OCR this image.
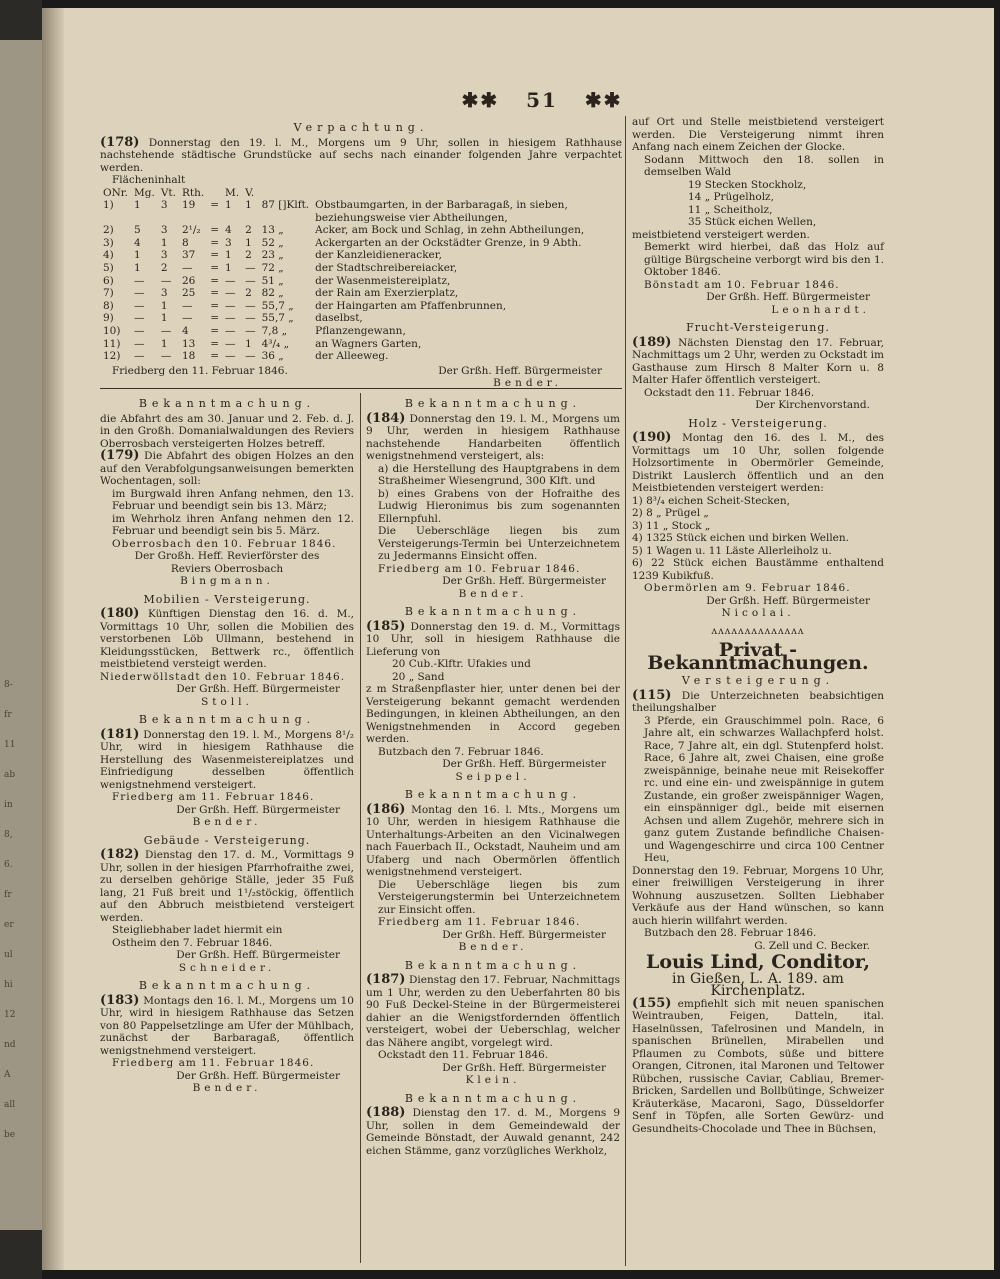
8-
fr
11
ab
in
8,
6.
fr
er
ul
hi
12
nd
A
all
be
✱✱ 51 ✱✱
Verpachtung.

(178) Donnerstag den 19. l. M., Morgens um 9 Uhr, sollen in hiesigem Rathhause nachstehende städtische Grundstücke auf sechs nach einander folgenden Jahre verpachtet werden.

Flächeninhalt
ONr.	Mg.	Vt.	Rth.		M.	V.		
1)	1	3	19	=	1	1	87 []Klft.	Obstbaumgarten, in der Barbaragaß, in sieben, beziehungsweise vier Abtheilungen,
2)	5	3	2¹/₂	=	4	2	13 „	Acker, am Bock und Schlag, in zehn Abtheilungen,
3)	4	1	8	=	3	1	52 „	Ackergarten an der Ockstädter Grenze, in 9 Abth.
4)	1	3	37	=	1	2	23 „	der Kanzleidieneracker,
5)	1	2	—	=	1	—	72 „	der Stadtschreibereiacker,
6)	—	—	26	=	—	—	51 „	der Wasenmeistereiplatz,
7)	—	3	25	=	—	2	82 „	der Rain am Exerzierplatz,
8)	—	1	—	=	—	—	55,7 „	der Haingarten am Pfaffenbrunnen,
9)	—	1	—	=	—	—	55,7 „	daselbst,
10)	—	—	4	=	—	—	7,8 „	Pflanzengewann,
11)	—	1	13	=	—	1	4³/₄ „	an Wagners Garten,
12)	—	—	18	=	—	—	36 „	der Alleeweg.
Friedberg den 11. Februar 1846.	Der Grßh. Heff. Bürgermeister
Bender.
Bekanntmachung.

die Abfahrt des am 30. Januar und 2. Feb. d. J. in den Großh. Domanialwaldungen des Reviers Oberrosbach versteigerten Holzes betreff.

(179) Die Abfahrt des obigen Holzes an den auf den Verabfolgungsanweisungen bemerkten Wochentagen, soll:

im Burgwald ihren Anfang nehmen, den 13. Februar und beendigt sein bis 13. März;

im Wehrholz ihren Anfang nehmen den 12. Februar und beendigt sein bis 5. März.

Oberrosbach den 10. Februar 1846.

Der Großh. Heff. Revierförster des

Reviers Oberrosbach

Bingmann.

Mobilien - Versteigerung.

(180) Künftigen Dienstag den 16. d. M., Vormittags 10 Uhr, sollen die Mobilien des verstorbenen Löb Ullmann, bestehend in Kleidungsstücken, Bettwerk rc., öffentlich meistbietend versteigt werden.

Niederwöllstadt den 10. Februar 1846.

Der Grßh. Heff. Bürgermeister

Stoll.

Bekanntmachung.

(181) Donnerstag den 19. l. M., Morgens 8¹/₂ Uhr, wird in hiesigem Rathhause die Herstellung des Wasenmeistereiplatzes und Einfriedigung desselben öffentlich wenigstnehmend versteigert.

Friedberg am 11. Februar 1846.

Der Grßh. Heff. Bürgermeister

Bender.

Gebäude - Versteigerung.

(182) Dienstag den 17. d. M., Vormittags 9 Uhr, sollen in der hiesigen Pfarrhofraithe zwei, zu derselben gehörige Ställe, jeder 35 Fuß lang, 21 Fuß breit und 1¹/₂stöckig, öffentlich auf den Abbruch meistbietend versteigert werden.

Steigliebhaber ladet hiermit ein

Ostheim den 7. Februar 1846.

Der Grßh. Heff. Bürgermeister

Schneider.

Bekanntmachung.

(183) Montags den 16. l. M., Morgens um 10 Uhr, wird in hiesigem Rathhause das Setzen von 80 Pappelsetzlinge am Ufer der Mühlbach, zunächst der Barbaragaß, öffentlich wenigstnehmend versteigert.

Friedberg am 11. Februar 1846.

Der Grßh. Heff. Bürgermeister

Bender.

Bekanntmachung.

(184) Donnerstag den 19. l. M., Morgens um 9 Uhr, werden in hiesigem Rathhause nachstehende Handarbeiten öffentlich wenigstnehmend versteigert, als:

a) die Herstellung des Hauptgrabens in dem Straßheimer Wiesengrund, 300 Klft. und

b) eines Grabens von der Hofraithe des Ludwig Hieronimus bis zum sogenannten Ellernpfuhl.

Die Ueberschläge liegen bis zum Versteigerungs-Termin bei Unterzeichnetem zu Jedermanns Einsicht offen.

Friedberg am 10. Februar 1846.

Der Grßh. Heff. Bürgermeister

Bender.

Bekanntmachung.

(185) Donnerstag den 19. d. M., Vormittags 10 Uhr, soll in hiesigem Rathhause die Lieferung von

20 Cub.-Klftr. Ufakies und

20 „ Sand

z m Straßenpflaster hier, unter denen bei der Versteigerung bekannt gemacht werdenden Bedingungen, in kleinen Abtheilungen, an den Wenigstnehmenden in Accord gegeben werden.

Butzbach den 7. Februar 1846.

Der Grßh. Heff. Bürgermeister

Seippel.

Bekanntmachung.

(186) Montag den 16. l. Mts., Morgens um 10 Uhr, werden in hiesigem Rathhause die Unterhaltungs-Arbeiten an den Vicinalwegen nach Fauerbach II., Ockstadt, Nauheim und am Ufaberg und nach Obermörlen öffentlich wenigstnehmend versteigert.

Die Ueberschläge liegen bis zum Versteigerungstermin bei Unterzeichnetem zur Einsicht offen.

Friedberg am 11. Februar 1846.

Der Grßh. Heff. Bürgermeister

Bender.

Bekanntmachung.

(187) Dienstag den 17. Februar, Nachmittags um 1 Uhr, werden zu den Ueberfahrten 80 bis 90 Fuß Deckel-Steine in der Bürgermeisterei dahier an die Wenigstfordernden öffentlich versteigert, wobei der Ueberschlag, welcher das Nähere angibt, vorgelegt wird.

Ockstadt den 11. Februar 1846.

Der Grßh. Heff. Bürgermeister

Klein.

Bekanntmachung.

(188) Dienstag den 17. d. M., Morgens 9 Uhr, sollen in dem Gemeindewald der Gemeinde Bönstadt, der Auwald genannt, 242 eichen Stämme, ganz vorzügliches Werkholz,

auf Ort und Stelle meistbietend versteigert werden. Die Versteigerung nimmt ihren Anfang nach einem Zeichen der Glocke.

Sodann Mittwoch den 18. sollen in demselben Wald

19 Stecken Stockholz,

14 „ Prügelholz,

11 „ Scheitholz,

35 Stück eichen Wellen,

meistbietend versteigert werden.

Bemerkt wird hierbei, daß das Holz auf gültige Bürgscheine verborgt wird bis den 1. Oktober 1846.

Bönstadt am 10. Februar 1846.

Der Grßh. Heff. Bürgermeister

Leonhardt.

Frucht-Versteigerung.

(189) Nächsten Dienstag den 17. Februar, Nachmittags um 2 Uhr, werden zu Ockstadt im Gasthause zum Hirsch 8 Malter Korn u. 8 Malter Hafer öffentlich versteigert.

Ockstadt den 11. Februar 1846.

Der Kirchenvorstand.

Holz - Versteigerung.

(190) Montag den 16. des l. M., des Vormittags um 10 Uhr, sollen folgende Holzsortimente in Obermörler Gemeinde, Distrikt Lauslerch öffentlich und an den Meistbietenden versteigert werden:

1) 8³/₄ eichen Scheit-Stecken,

2) 8 „ Prügel „

3) 11 „ Stock „

4) 1325 Stück eichen und birken Wellen.

5) 1 Wagen u. 11 Läste Allerleiholz u.

6) 22 Stück eichen Baustämme enthaltend 1239 Kubikfuß.

Obermörlen am 9. Februar 1846.

Der Grßh. Heff. Bürgermeister

Nicolai.

ʌʌʌʌʌʌʌʌʌʌʌʌʌʌ
Privat - Bekanntmachungen.
Versteigerung.

(115) Die Unterzeichneten beabsichtigen theilungshalber

3 Pferde, ein Grauschimmel poln. Race, 6 Jahre alt, ein schwarzes Wallachpferd holst. Race, 7 Jahre alt, ein dgl. Stutenpferd holst. Race, 6 Jahre alt, zwei Chaisen, eine große zweispännige, beinahe neue mit Reisekoffer rc. und eine ein- und zweispännige in gutem Zustande, ein großer zweispänniger Wagen, ein einspänniger dgl., beide mit eisernen Achsen und allem Zugehör, mehrere sich in ganz gutem Zustande befindliche Chaisen- und Wagengeschirre und circa 100 Centner Heu,

Donnerstag den 19. Februar, Morgens 10 Uhr, einer freiwilligen Versteigerung in ihrer Wohnung auszusetzen. Sollten Liebhaber Verkäufe aus der Hand wünschen, so kann auch hierin willfahrt werden.

Butzbach den 28. Februar 1846.

G. Zell und C. Becker.

Louis Lind, Conditor,
in Gießen, L. A. 189. am Kirchenplatz.

(155) empfiehlt sich mit neuen spanischen Weintrauben, Feigen, Datteln, ital. Haselnüssen, Tafelrosinen und Mandeln, in spanischen Brünellen, Mirabellen und Pflaumen zu Combots, süße und bittere Orangen, Citronen, ital Maronen und Teltower Rübchen, russische Caviar, Cabliau, Bremer-Bricken, Sardellen und Bollbütinge, Schweizer Kräuterkäse, Macaroni, Sago, Düsseldorfer Senf in Töpfen, alle Sorten Gewürz- und Gesundheits-Chocolade und Thee in Büchsen,
